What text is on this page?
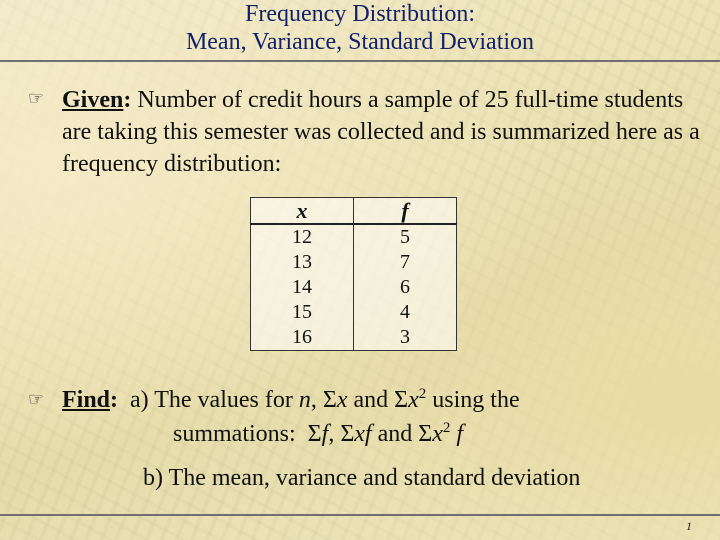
Frequency Distribution:
Mean, Variance, Standard Deviation
☞ Given: Number of credit hours a sample of 25 full-time students are taking this semester was collected and is summarized here as a frequency distribution:
x	f
12	5
13	7
14	6
15	4
16	3
☞ Find: a) The values for n, Σx and $\Sigma x^2$ using the
summations: Σf, Σxf and $\Sigma x^2$ f
b) The mean, variance and standard deviation
1
